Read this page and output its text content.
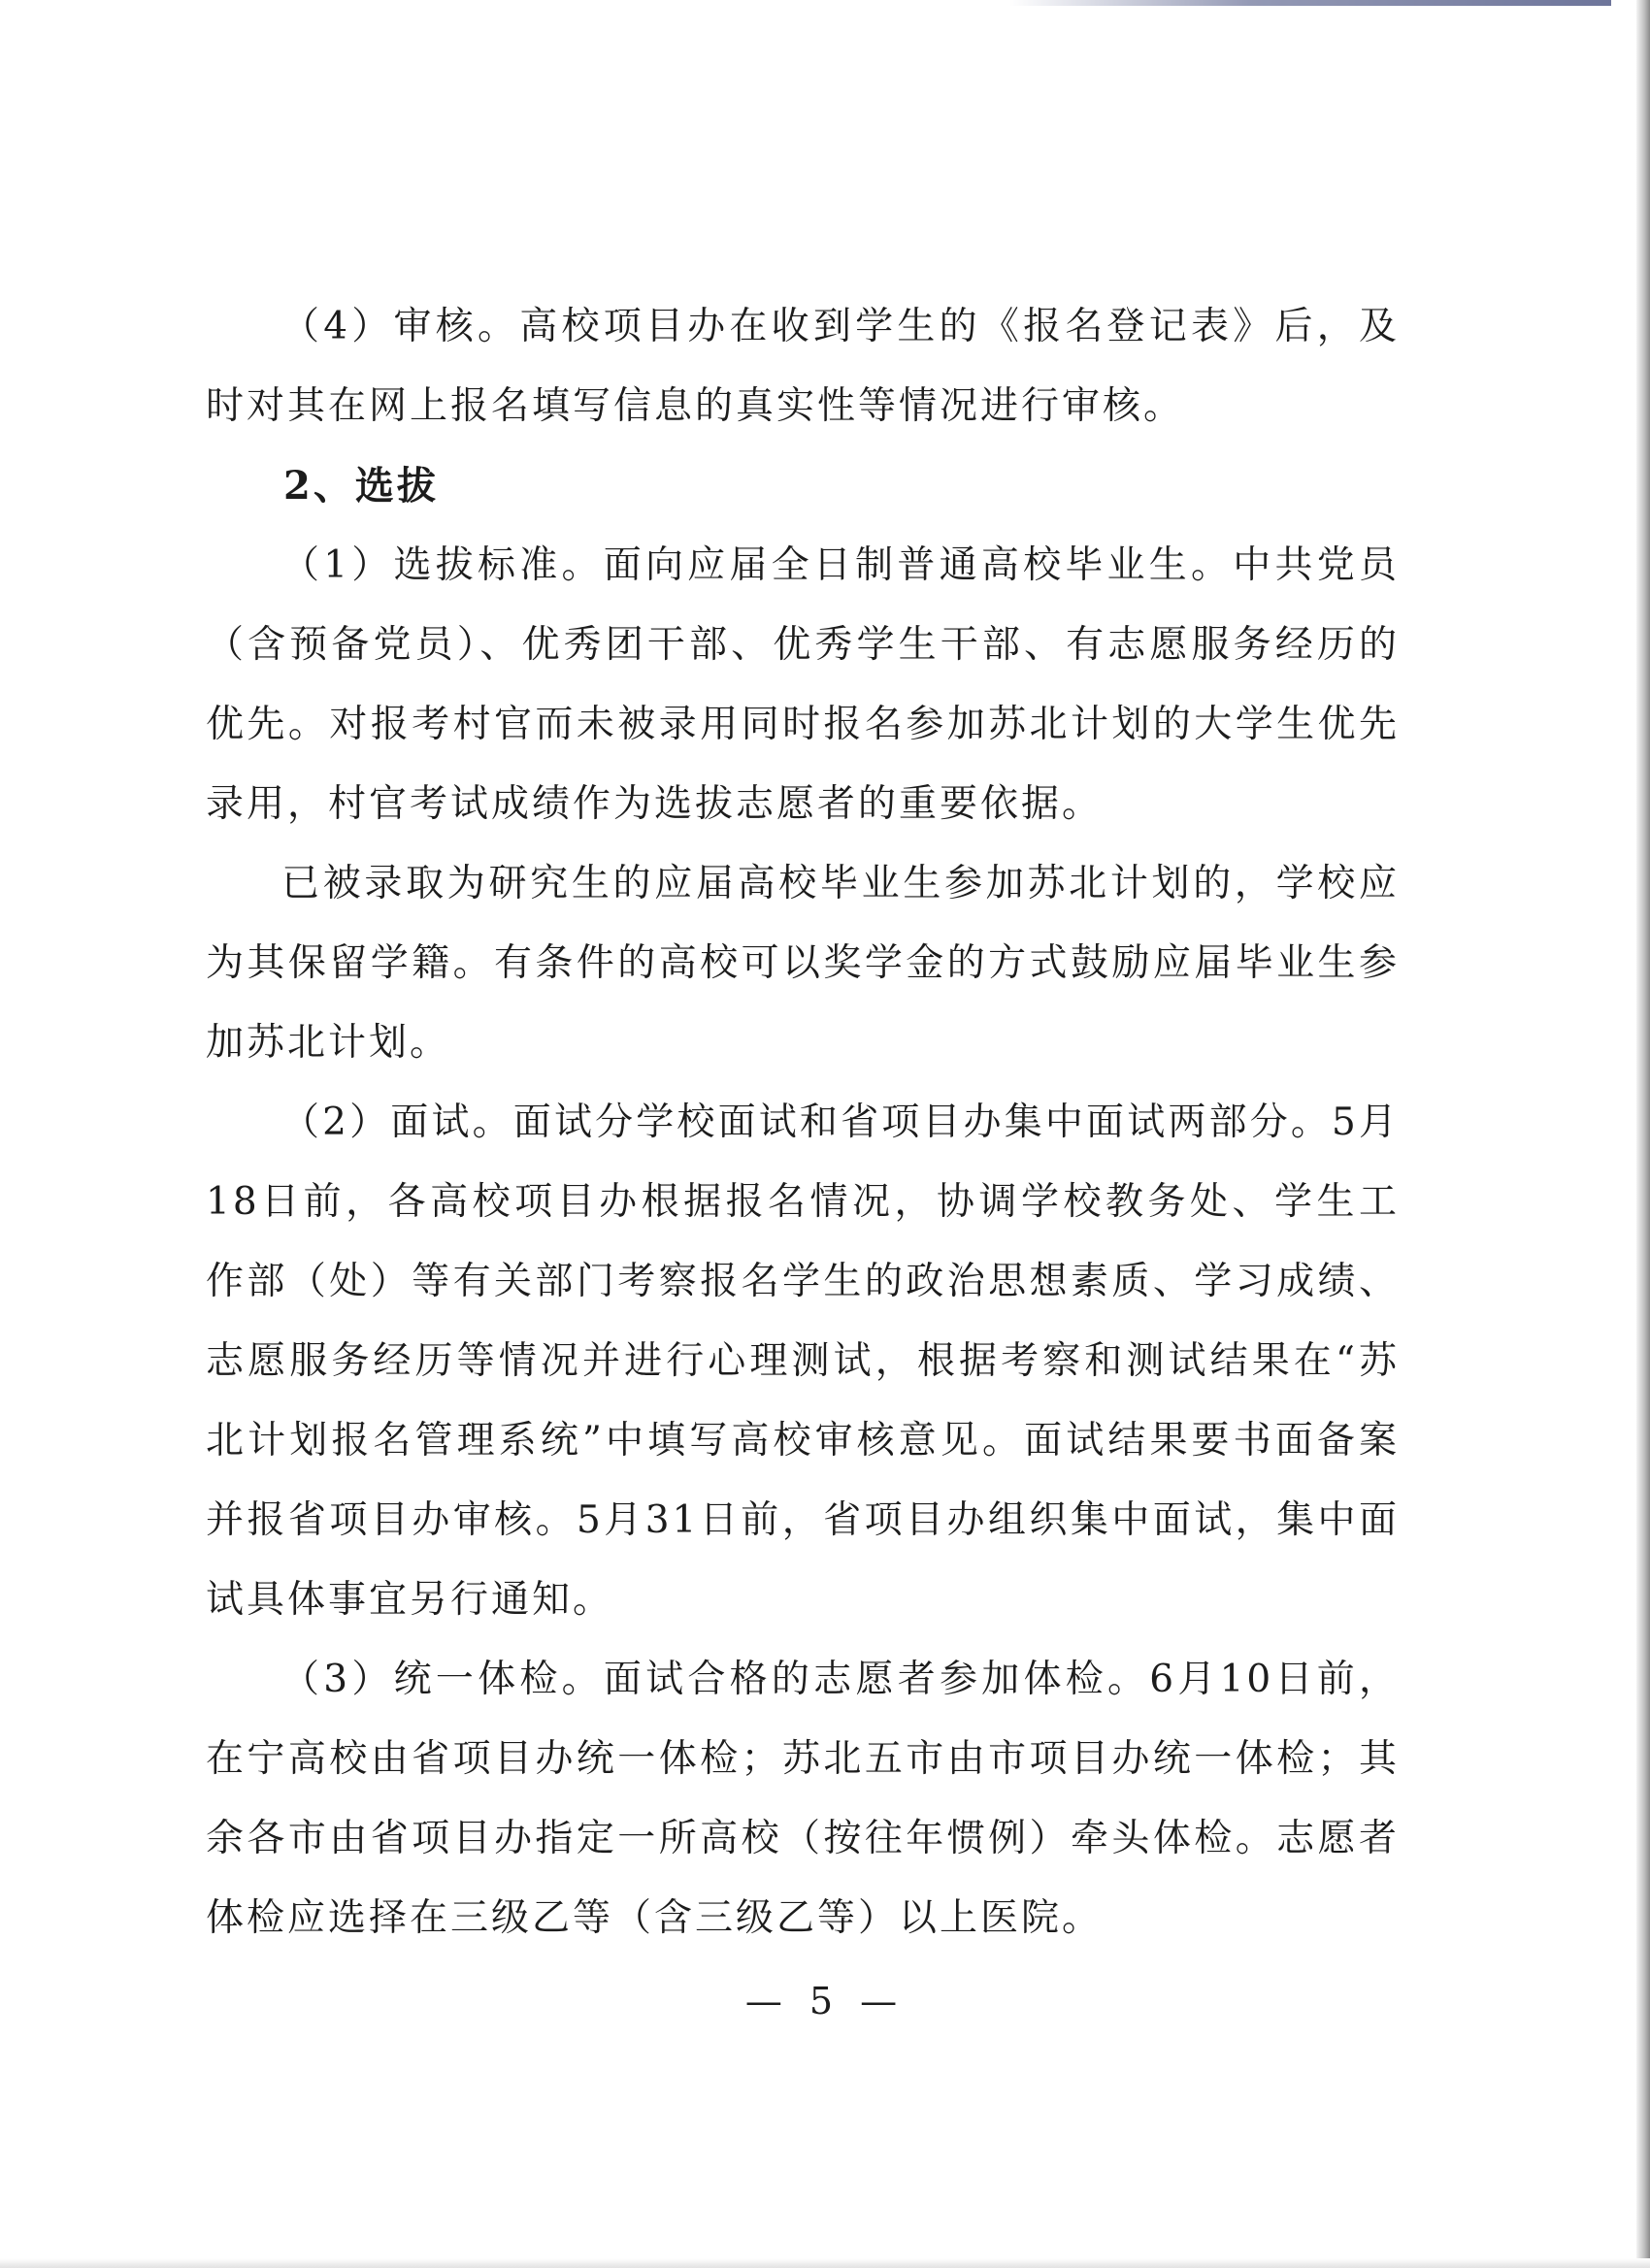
（4）审核。高校项目办在收到学生的《报名登记表》后，及时对其在网上报名填写信息的真实性等情况进行审核。

2、选拔

（1）选拔标准。面向应届全日制普通高校毕业生。中共党员（含预备党员）、优秀团干部、优秀学生干部、有志愿服务经历的优先。对报考村官而未被录用同时报名参加苏北计划的大学生优先录用，村官考试成绩作为选拔志愿者的重要依据。

已被录取为研究生的应届高校毕业生参加苏北计划的，学校应为其保留学籍。有条件的高校可以奖学金的方式鼓励应届毕业生参加苏北计划。

（2）面试。面试分学校面试和省项目办集中面试两部分。5月18日前，各高校项目办根据报名情况，协调学校教务处、学生工作部（处）等有关部门考察报名学生的政治思想素质、学习成绩、志愿服务经历等情况并进行心理测试，根据考察和测试结果在“苏北计划报名管理系统”中填写高校审核意见。面试结果要书面备案并报省项目办审核。5月31日前，省项目办组织集中面试，集中面试具体事宜另行通知。

（3）统一体检。面试合格的志愿者参加体检。6月10日前，在宁高校由省项目办统一体检；苏北五市由市项目办统一体检；其余各市由省项目办指定一所高校（按往年惯例）牵头体检。志愿者体检应选择在三级乙等（含三级乙等）以上医院。

— 5 —
